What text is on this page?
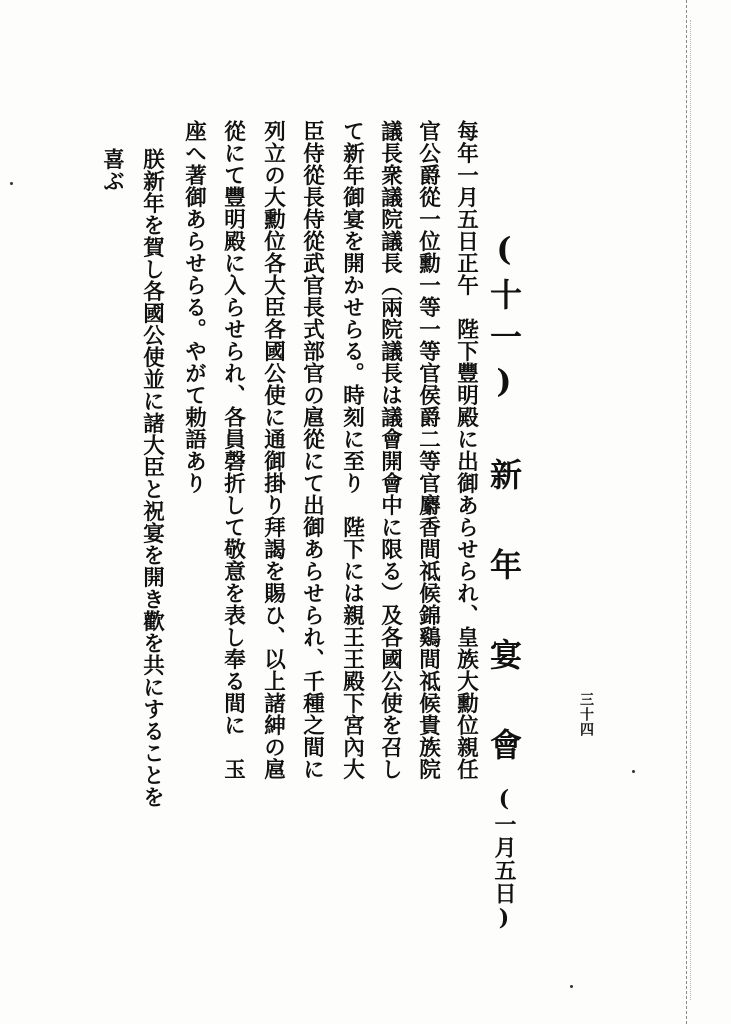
(十一) 新 年 宴 會(一月五日)
每年一月五日正午　陛下豐明殿に出御あらせられ、皇族大勳位親任
官公爵從一位勳一等一等官侯爵二等官麝香間祗候錦鷄間祗候貴族院
議長衆議院議長（兩院議長は議會開會中に限る）及各國公使を召し
て新年御宴を開かせらる。時刻に至り　陛下には親王王殿下宮內大
臣侍從長侍從武官長式部官の扈從にて出御あらせられ、千種之間に
列立の大勳位各大臣各國公使に通御掛り拜謁を賜ひ、以上諸紳の扈
從にて豐明殿に入らせられ、各員磬折して敬意を表し奉る間に　玉
座へ著御あらせらる。やがて勅語あり
朕新年を賀し各國公使並に諸大臣と祝宴を開き歡を共にすることを
喜ぶ
三十四
